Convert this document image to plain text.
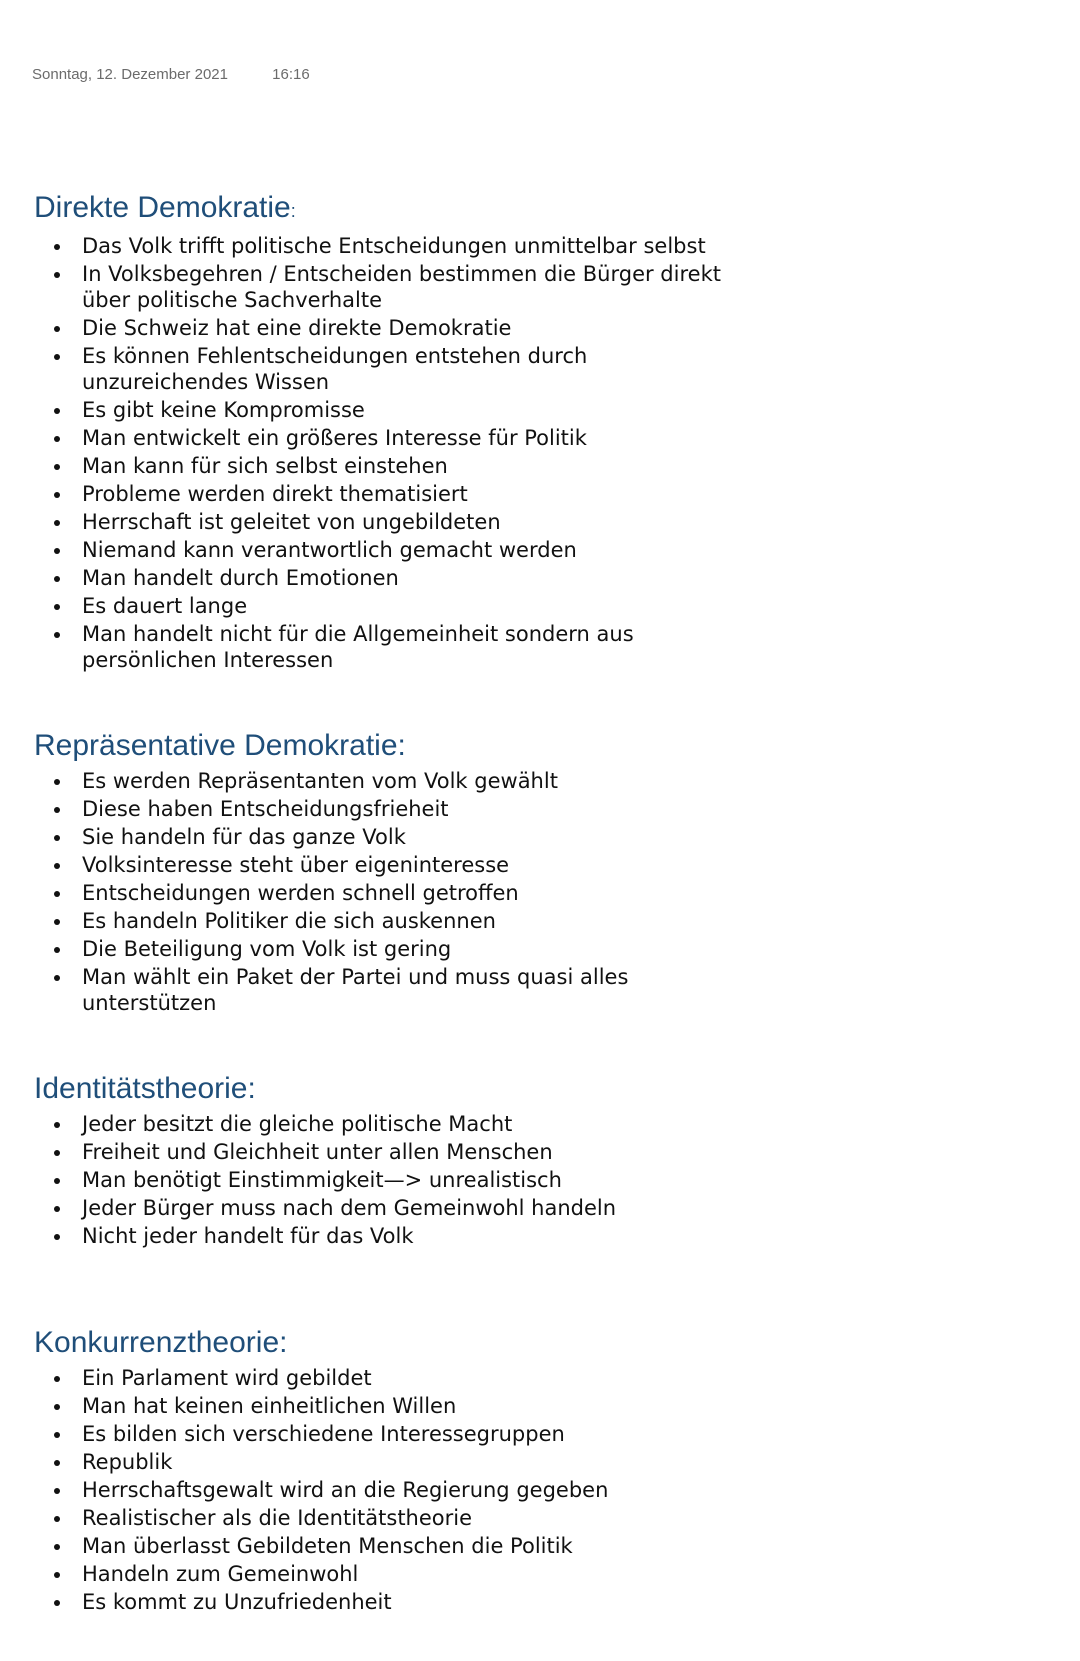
Sonntag, 12. Dezember 2021	16:16
Direkte Demokratie:
Das Volk trifft politische Entscheidungen unmittelbar selbst
In Volksbegehren / Entscheiden bestimmen die Bürger direkt über politische Sachverhalte
Die Schweiz hat eine direkte Demokratie
Es können Fehlentscheidungen entstehen durch unzureichendes Wissen
Es gibt keine Kompromisse
Man entwickelt ein größeres Interesse für Politik
Man kann für sich selbst einstehen
Probleme werden direkt thematisiert
Herrschaft ist geleitet von ungebildeten
Niemand kann verantwortlich gemacht werden
Man handelt durch Emotionen
Es dauert lange
Man handelt nicht für die Allgemeinheit sondern aus persönlichen Interessen
Repräsentative Demokratie:
Es werden Repräsentanten vom Volk gewählt
Diese haben Entscheidungsfrieheit
Sie handeln für das ganze Volk
Volksinteresse steht über eigeninteresse
Entscheidungen werden schnell getroffen
Es handeln Politiker die sich auskennen
Die Beteiligung vom Volk ist gering
Man wählt ein Paket der Partei und muss quasi alles unterstützen
Identitätstheorie:
Jeder besitzt die gleiche politische Macht
Freiheit und Gleichheit unter allen Menschen
Man benötigt Einstimmigkeit—> unrealistisch
Jeder Bürger muss nach dem Gemeinwohl handeln
Nicht jeder handelt für das Volk
Konkurrenztheorie:
Ein Parlament wird gebildet
Man hat keinen einheitlichen Willen
Es bilden sich verschiedene Interessegruppen
Republik
Herrschaftsgewalt wird an die Regierung gegeben
Realistischer als die Identitätstheorie
Man überlasst Gebildeten Menschen die Politik
Handeln zum Gemeinwohl
Es kommt zu Unzufriedenheit
